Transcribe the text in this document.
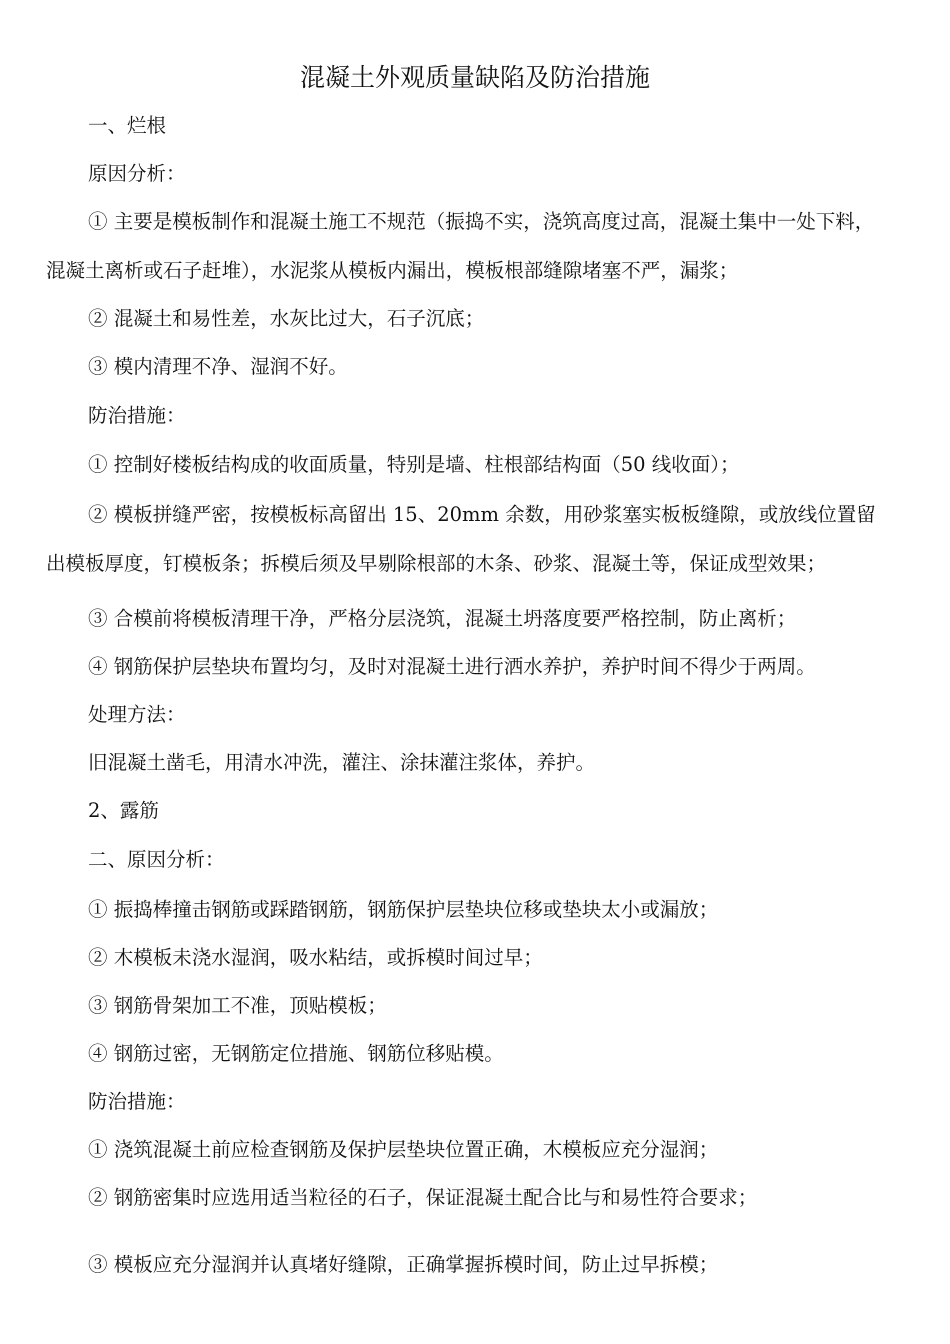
混凝土外观质量缺陷及防治措施
一、烂根
原因分析：
① 主要是模板制作和混凝土施工不规范（振捣不实，浇筑高度过高，混凝土集中一处下料，
混凝土离析或石子赶堆），水泥浆从模板内漏出，模板根部缝隙堵塞不严，漏浆；
② 混凝土和易性差，水灰比过大，石子沉底；
③ 模内清理不净、湿润不好。
防治措施：
① 控制好楼板结构成的收面质量，特别是墙、柱根部结构面（50 线收面）；
② 模板拼缝严密，按模板标高留出 15、20mm 余数，用砂浆塞实板板缝隙，或放线位置留
出模板厚度，钉模板条；拆模后须及早剔除根部的木条、砂浆、混凝土等，保证成型效果；
③ 合模前将模板清理干净，严格分层浇筑，混凝土坍落度要严格控制，防止离析；
④ 钢筋保护层垫块布置均匀，及时对混凝土进行洒水养护，养护时间不得少于两周。
处理方法：
旧混凝土凿毛，用清水冲洗，灌注、涂抹灌注浆体，养护。
2、露筋
二、原因分析：
① 振捣棒撞击钢筋或踩踏钢筋，钢筋保护层垫块位移或垫块太小或漏放；
② 木模板未浇水湿润，吸水粘结，或拆模时间过早；
③ 钢筋骨架加工不准，顶贴模板；
④ 钢筋过密，无钢筋定位措施、钢筋位移贴模。
防治措施：
① 浇筑混凝土前应检查钢筋及保护层垫块位置正确，木模板应充分湿润；
② 钢筋密集时应选用适当粒径的石子，保证混凝土配合比与和易性符合要求；
③ 模板应充分湿润并认真堵好缝隙，正确掌握拆模时间，防止过早拆模；
